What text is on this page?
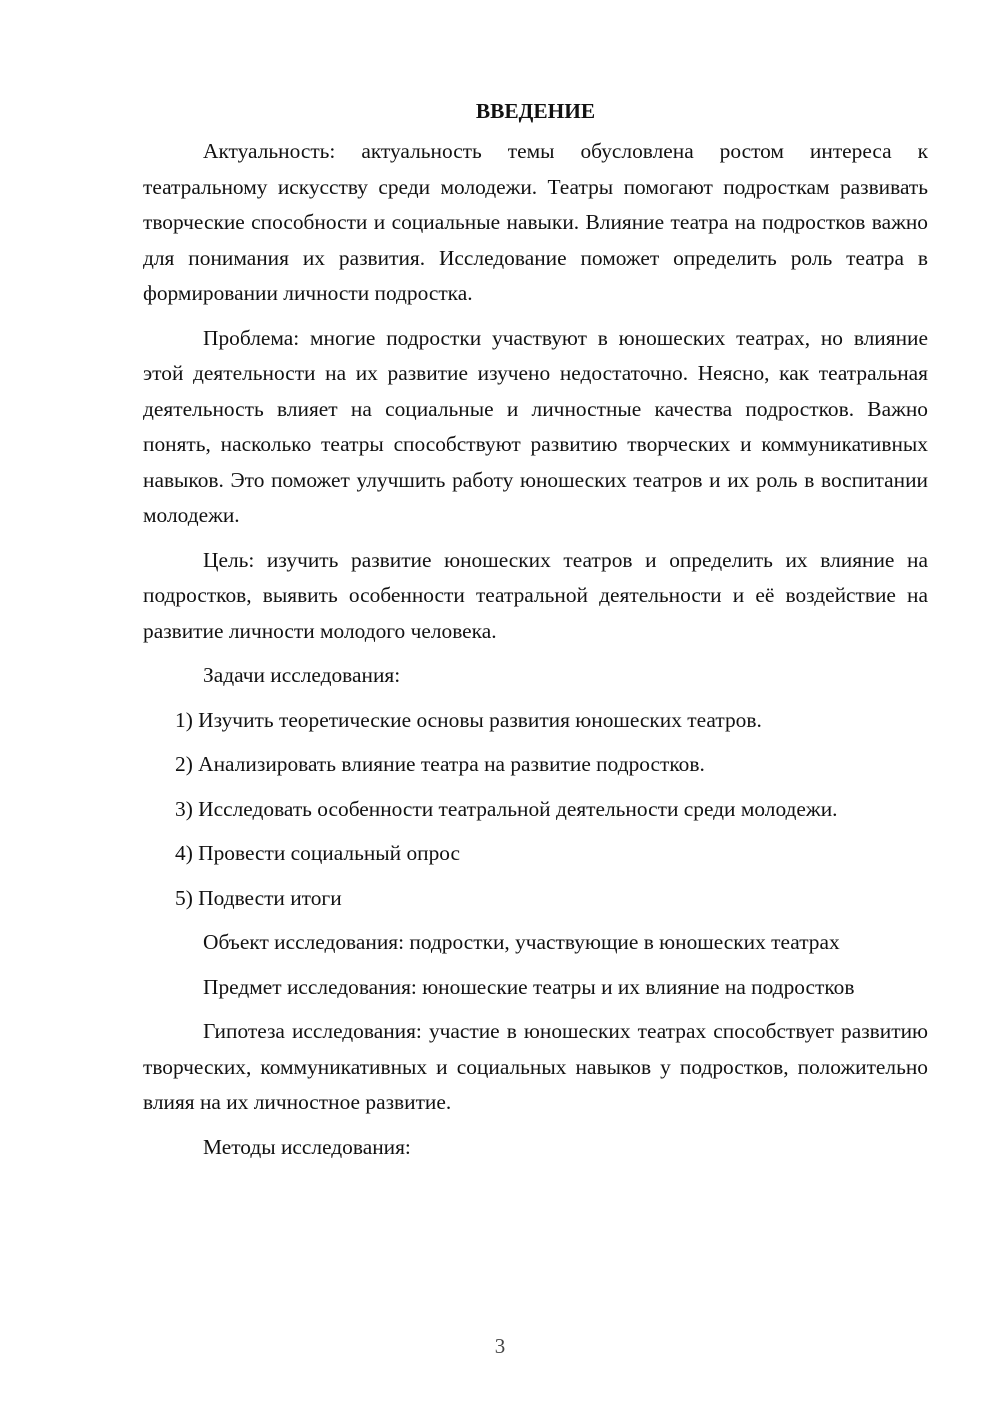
ВВЕДЕНИЕ

Актуальность: актуальность темы обусловлена ростом интереса к театральному искусству среди молодежи. Театры помогают подросткам развивать творческие способности и социальные навыки. Влияние театра на подростков важно для понимания их развития. Исследование поможет определить роль театра в формировании личности подростка.

Проблема: многие подростки участвуют в юношеских театрах, но влияние этой деятельности на их развитие изучено недостаточно. Неясно, как театральная деятельность влияет на социальные и личностные качества подростков. Важно понять, насколько театры способствуют развитию творческих и коммуникативных навыков. Это поможет улучшить работу юношеских театров и их роль в воспитании молодежи.

Цель: изучить развитие юношеских театров и определить их влияние на подростков, выявить особенности театральной деятельности и её воздействие на развитие личности молодого человека.

Задачи исследования:

1) Изучить теоретические основы развития юношеских театров.

2) Анализировать влияние театра на развитие подростков.

3) Исследовать особенности театральной деятельности среди молодежи.

4) Провести социальный опрос

5) Подвести итоги

Объект исследования: подростки, участвующие в юношеских театрах

Предмет исследования: юношеские театры и их влияние на подростков

Гипотеза исследования: участие в юношеских театрах способствует развитию творческих, коммуникативных и социальных навыков у подростков, положительно влияя на их личностное развитие.

Методы исследования:

3
